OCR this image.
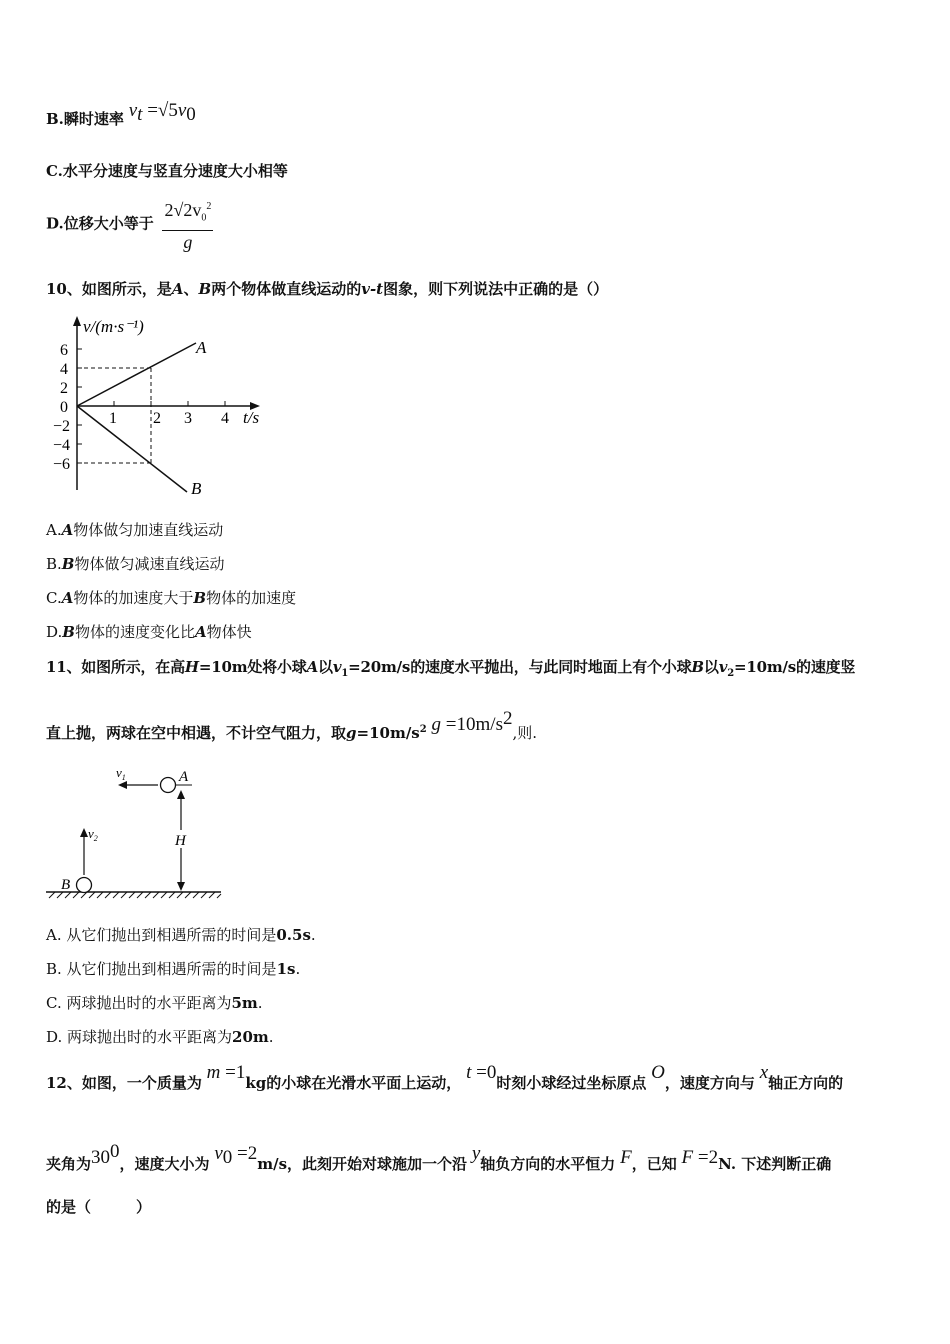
B.瞬时速率 $v_t =√5v_0$
C.水平分速度与竖直分速度大小相等
D.位移大小等于 $\frac{2√2v_0^2}{g}$
10、如图所示，是A、B两个物体做直线运动的v-t图象，则下列说法中正确的是（）
v/(m·s⁻¹)
t/s
6
4
2
0
−2
−4
−6
1 2 3 4
A
B
A.A物体做匀加速直线运动
B.B物体做匀减速直线运动
C.A物体的加速度大于B物体的加速度
D.B物体的速度变化比A物体快
11、如图所示，在高H=10m处将小球A以$v_1=20m/s$的速度水平抛出，与此同时地面上有个小球B以$v_2=10m/s$的速度竖
直上抛，两球在空中相遇，不计空气阻力，取$g=10m/s^2$ $g =10m/s^2$,则.
B
$v_2$
A
$v_1$
H
A. 从它们抛出到相遇所需的时间是0.5s.
B. 从它们抛出到相遇所需的时间是1s.
C. 两球抛出时的水平距离为5m.
D. 两球抛出时的水平距离为20m.
12、如图，一个质量为 m =1kg的小球在光滑水平面上运动， t =0时刻小球经过坐标原点 O，速度方向与 x轴正方向的
夹角为$30^0$，速度大小为 $v_0 =2m/s$，此刻开始对球施加一个沿 y轴负方向的水平恒力 F，已知 F =2N. 下述判断正确
的是（　　　）
